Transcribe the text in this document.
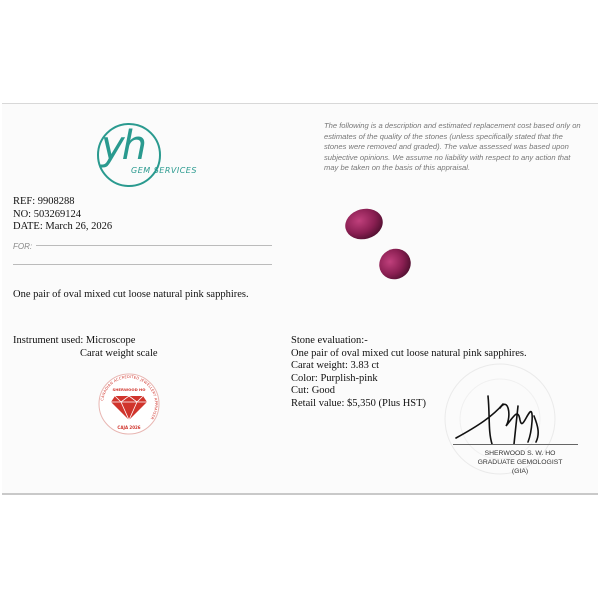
yh
GEM SERVICES
The following is a description and estimated replacement cost based only on estimates of the quality of the stones (unless specifically stated that the stones were removed and graded). The value assessed was based upon subjective opinions. We assume no liability with respect to any action that may be taken on the basis of this appraisal.
REF: 9908288
NO: 503269124
DATE: March 26, 2026
FOR:
One pair of oval mixed cut loose natural pink sapphires.
Instrument used: Microscope
Carat weight scale
CANADIAN ACCREDITED JEWELLERY APPRAISER
SHERWOOD HO
CAJA 2026
Stone evaluation:-
One pair of oval mixed cut loose natural pink sapphires.
Carat weight: 3.83 ct
Color: Purplish-pink
Cut: Good
Retail value: $5,350 (Plus HST)
SHERWOOD S. W. HO
GRADUATE GEMOLOGIST
(GIA)
